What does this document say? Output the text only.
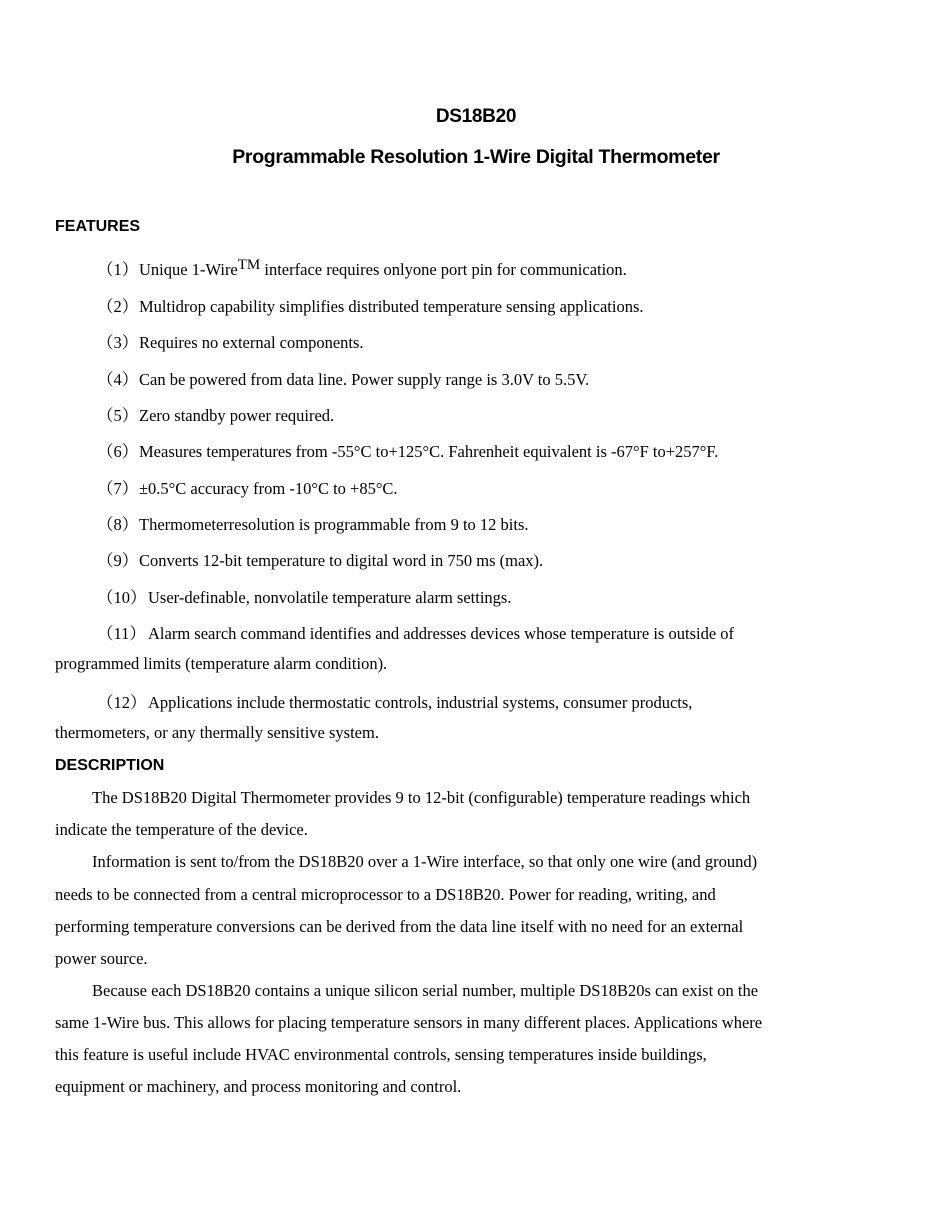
DS18B20
Programmable Resolution 1-Wire Digital Thermometer
FEATURES
（1）Unique 1-Wire™ interface requires onlyone port pin for communication.
（2）Multidrop capability simplifies distributed temperature sensing applications.
（3）Requires no external components.
（4）Can be powered from data line. Power supply range is 3.0V to 5.5V.
（5）Zero standby power required.
（6）Measures temperatures from -55°C to+125°C. Fahrenheit equivalent is -67°F to+257°F.
（7）±0.5°C accuracy from -10°C to +85°C.
（8）Thermometerresolution is programmable from 9 to 12 bits.
（9）Converts 12-bit temperature to digital word in 750 ms (max).
（10）User-definable, nonvolatile temperature alarm settings.
（11） Alarm search command identifies and addresses devices whose temperature is outside of
programmed limits (temperature alarm condition).
（12）Applications include thermostatic controls, industrial systems, consumer products,
thermometers, or any thermally sensitive system.
DESCRIPTION
The DS18B20 Digital Thermometer provides 9 to 12-bit (configurable) temperature readings which
indicate the temperature of the device.
Information is sent to/from the DS18B20 over a 1-Wire interface, so that only one wire (and ground)
needs to be connected from a central microprocessor to a DS18B20. Power for reading, writing, and
performing temperature conversions can be derived from the data line itself with no need for an external
power source.
Because each DS18B20 contains a unique silicon serial number, multiple DS18B20s can exist on the
same 1-Wire bus. This allows for placing temperature sensors in many different places. Applications where
this feature is useful include HVAC environmental controls, sensing temperatures inside buildings,
equipment or machinery, and process monitoring and control.
